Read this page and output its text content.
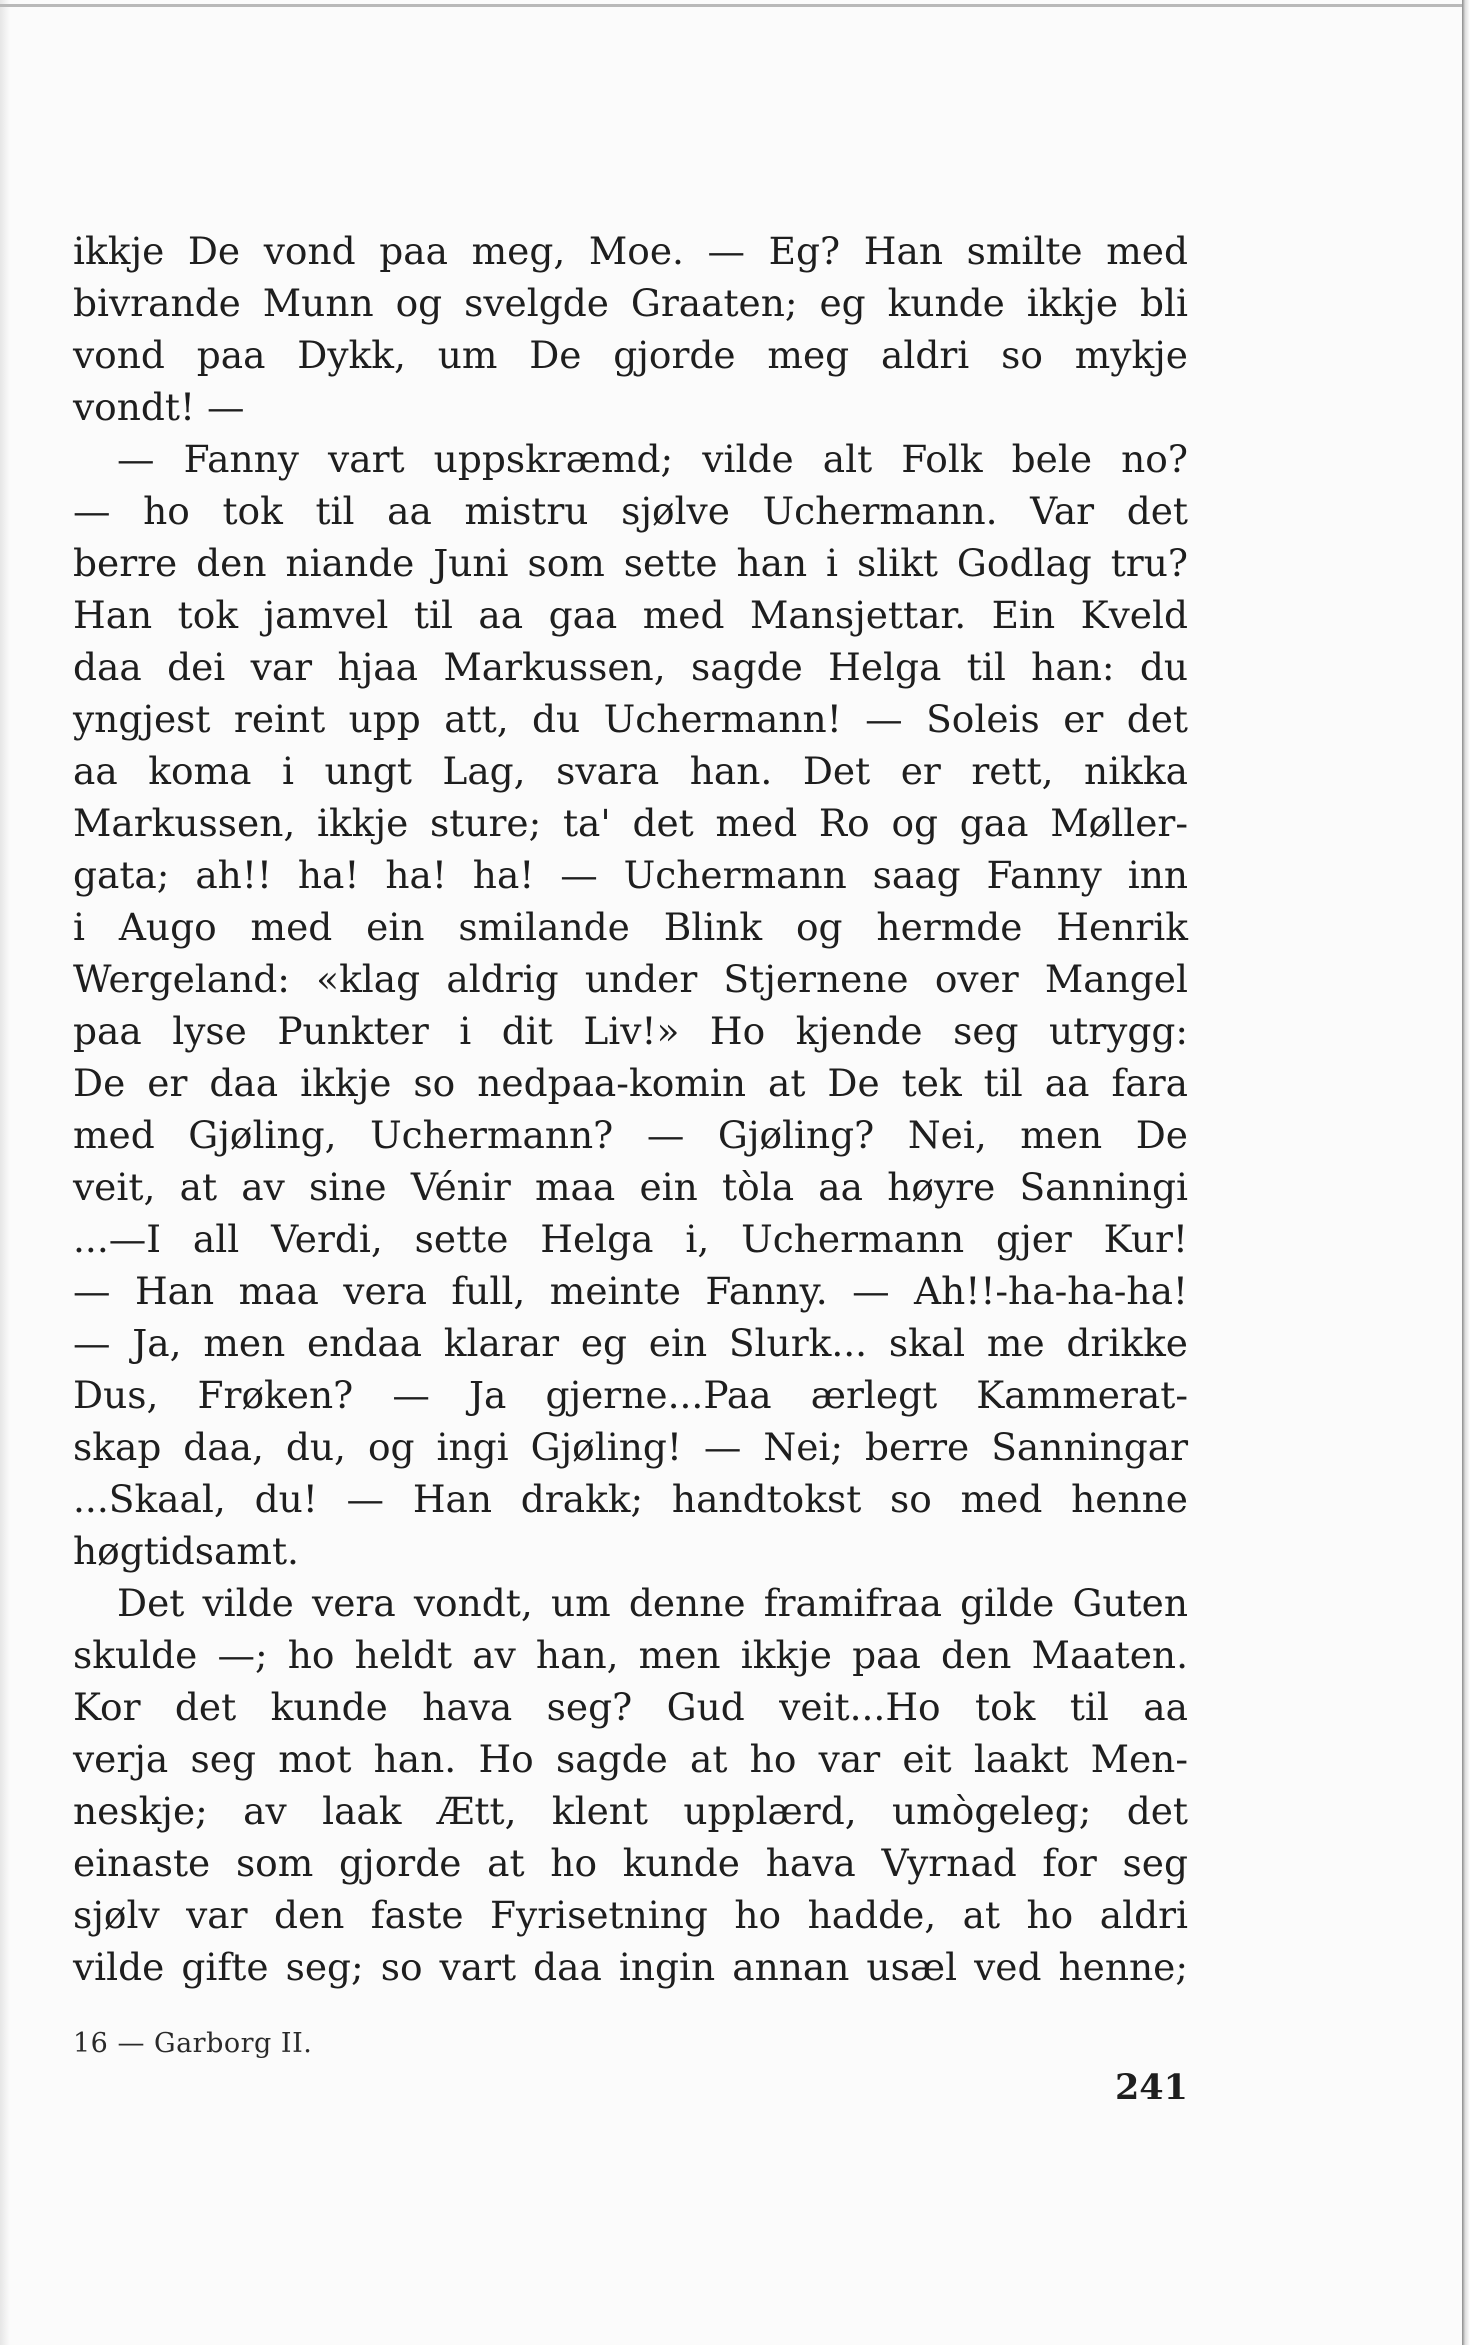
ikkje De vond paa meg, Moe. — Eg? Han smilte med
bivrande Munn og svelgde Graaten; eg kunde ikkje bli
vond paa Dykk, um De gjorde meg aldri so mykje
vondt! —
— Fanny vart uppskræmd; vilde alt Folk bele no?
— ho tok til aa mistru sjølve Uchermann. Var det
berre den niande Juni som sette han i slikt Godlag tru?
Han tok jamvel til aa gaa med Mansjettar. Ein Kveld
daa dei var hjaa Markussen, sagde Helga til han: du
yngjest reint upp att, du Uchermann! — Soleis er det
aa koma i ungt Lag, svara han. Det er rett, nikka
Markussen, ikkje sture; ta' det med Ro og gaa Møller-
gata; ah!! ha! ha! ha! — Uchermann saag Fanny inn
i Augo med ein smilande Blink og hermde Henrik
Wergeland: «klag aldrig under Stjernene over Mangel
paa lyse Punkter i dit Liv!» Ho kjende seg utrygg:
De er daa ikkje so nedpaa-komin at De tek til aa fara
med Gjøling, Uchermann? — Gjøling? Nei, men De
veit, at av sine Vénir maa ein tòla aa høyre Sanningi
...—I all Verdi, sette Helga i, Uchermann gjer Kur!
— Han maa vera full, meinte Fanny. — Ah!!-ha-ha-ha!
— Ja, men endaa klarar eg ein Slurk... skal me drikke
Dus, Frøken? — Ja gjerne...Paa ærlegt Kammerat-
skap daa, du, og ingi Gjøling! — Nei; berre Sanningar
...Skaal, du! — Han drakk; handtokst so med henne
høgtidsamt.
Det vilde vera vondt, um denne framifraa gilde Guten
skulde —; ho heldt av han, men ikkje paa den Maaten.
Kor det kunde hava seg? Gud veit...Ho tok til aa
verja seg mot han. Ho sagde at ho var eit laakt Men-
neskje; av laak Ætt, klent upplærd, umògeleg; det
einaste som gjorde at ho kunde hava Vyrnad for seg
sjølv var den faste Fyrisetning ho hadde, at ho aldri
vilde gifte seg; so vart daa ingin annan usæl ved henne;
16 — Garborg II.
241
